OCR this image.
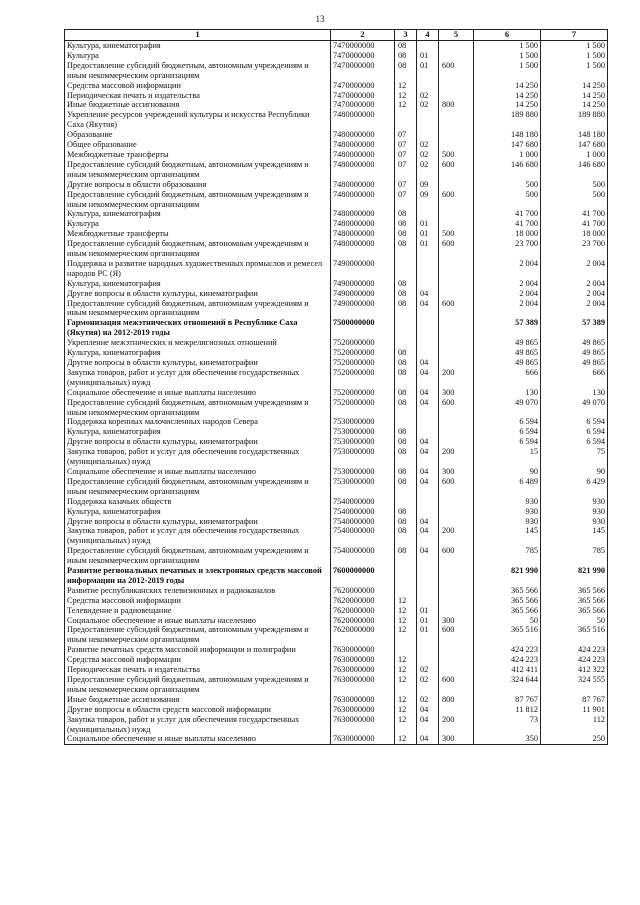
13
1	2	3	4	5	6	7
Культура, кинематография	7470000000	08			1 500	1 500
Культура	7470000000	08	01		1 500	1 500
Предоставление субсидий бюджетным, автономным учреждениям и иным некоммерческим организациям	7470000000	08	01	600	1 500	1 500
Средства массовой информации	7470000000	12			14 250	14 250
Периодическая печать и издательства	7470000000	12	02		14 250	14 250
Иные бюджетные ассигнования	7470000000	12	02	800	14 250	14 250
Укрепление ресурсов учреждений культуры и искусства Республики Саха (Якутия)	7480000000				189 880	189 880
Образование	7480000000	07			148 180	148 180
Общее образование	7480000000	07	02		147 680	147 680
Межбюджетные трансферты	7480000000	07	02	500	1 000	1 000
Предоставление субсидий бюджетным, автономным учреждениям и иным некоммерческим организациям	7480000000	07	02	600	146 680	146 680
Другие вопросы в области образования	7480000000	07	09		500	500
Предоставление субсидий бюджетным, автономным учреждениям и иным некоммерческим организациям	7480000000	07	09	600	500	500
Культура, кинематография	7480000000	08			41 700	41 700
Культура	7480000000	08	01		41 700	41 700
Межбюджетные трансферты	7480000000	08	01	500	18 000	18 000
Предоставление субсидий бюджетным, автономным учреждениям и иным некоммерческим организациям	7480000000	08	01	600	23 700	23 700
Поддержка и развитие народных художественных промыслов и ремесел народов РС (Я)	7490000000				2 004	2 004
Культура, кинематография	7490000000	08			2 004	2 004
Другие вопросы в области культуры, кинематографии	7490000000	08	04		2 004	2 004
Предоставление субсидий бюджетным, автономным учреждениям и иным некоммерческим организациям	7490000000	08	04	600	2 004	2 004
Гармонизация межэтнических отношений в Республике Саха (Якутия) на 2012-2019 годы	7500000000				57 389	57 389
Укрепление межэтнических и межрелигиозных отношений	7520000000				49 865	49 865
Культура, кинематография	7520000000	08			49 865	49 865
Другие вопросы в области культуры, кинематографии	7520000000	08	04		49 865	49 865
Закупка товаров, работ и услуг для обеспечения государственных (муниципальных) нужд	7520000000	08	04	200	666	666
Социальное обеспечение и иные выплаты населению	7520000000	08	04	300	130	130
Предоставление субсидий бюджетным, автономным учреждениям и иным некоммерческим организациям	7520000000	08	04	600	49 070	49 070
Поддержка коренных малочисленных народов Севера	7530000000				6 594	6 594
Культура, кинематография	7530000000	08			6 594	6 594
Другие вопросы в области культуры, кинематографии	7530000000	08	04		6 594	6 594
Закупка товаров, работ и услуг для обеспечения государственных (муниципальных) нужд	7530000000	08	04	200	15	75
Социальное обеспечение и иные выплаты населению	7530000000	08	04	300	90	90
Предоставление субсидий бюджетным, автономным учреждениям и иным некоммерческим организациям	7530000000	08	04	600	6 489	6 429
Поддержка казачьих обществ	7540000000				930	930
Культура, кинематография	7540000000	08			930	930
Другие вопросы в области культуры, кинематографии	7540000000	08	04		930	930
Закупка товаров, работ и услуг для обеспечения государственных (муниципальных) нужд	7540000000	08	04	200	145	145
Предоставление субсидий бюджетным, автономным учреждениям и иным некоммерческим организациям	7540000000	08	04	600	785	785
Развитие региональных печатных и электронных средств массовой информации на 2012-2019 годы	7600000000				821 990	821 990
Развитие республиканских телевизионных и радиоканалов	7620000000				365 566	365 566
Средства массовой информации	7620000000	12			365 566	365 566
Телевидение и радиовещание	7620000000	12	01		365 566	365 566
Социальное обеспечение и иные выплаты населению	7620000000	12	01	300	50	50
Предоставление субсидий бюджетным, автономным учреждениям и иным некоммерческим организациям	7620000000	12	01	600	365 516	365 516
Развитие печатных средств массовой информации и полиграфии	7630000000				424 223	424 223
Средства массовой информации	7630000000	12			424 223	424 223
Периодическая печать и издательства	7630000000	12	02		412 411	412 322
Предоставление субсидий бюджетным, автономным учреждениям и иным некоммерческим организациям	7630000000	12	02	600	324 644	324 555
Иные бюджетные ассигнования	7630000000	12	02	800	87 767	87 767
Другие вопросы в области средств массовой информации	7630000000	12	04		11 812	11 901
Закупка товаров, работ и услуг для обеспечения государственных (муниципальных) нужд	7630000000	12	04	200	73	112
Социальное обеспечение и иные выплаты населению	7630000000	12	04	300	350	250
